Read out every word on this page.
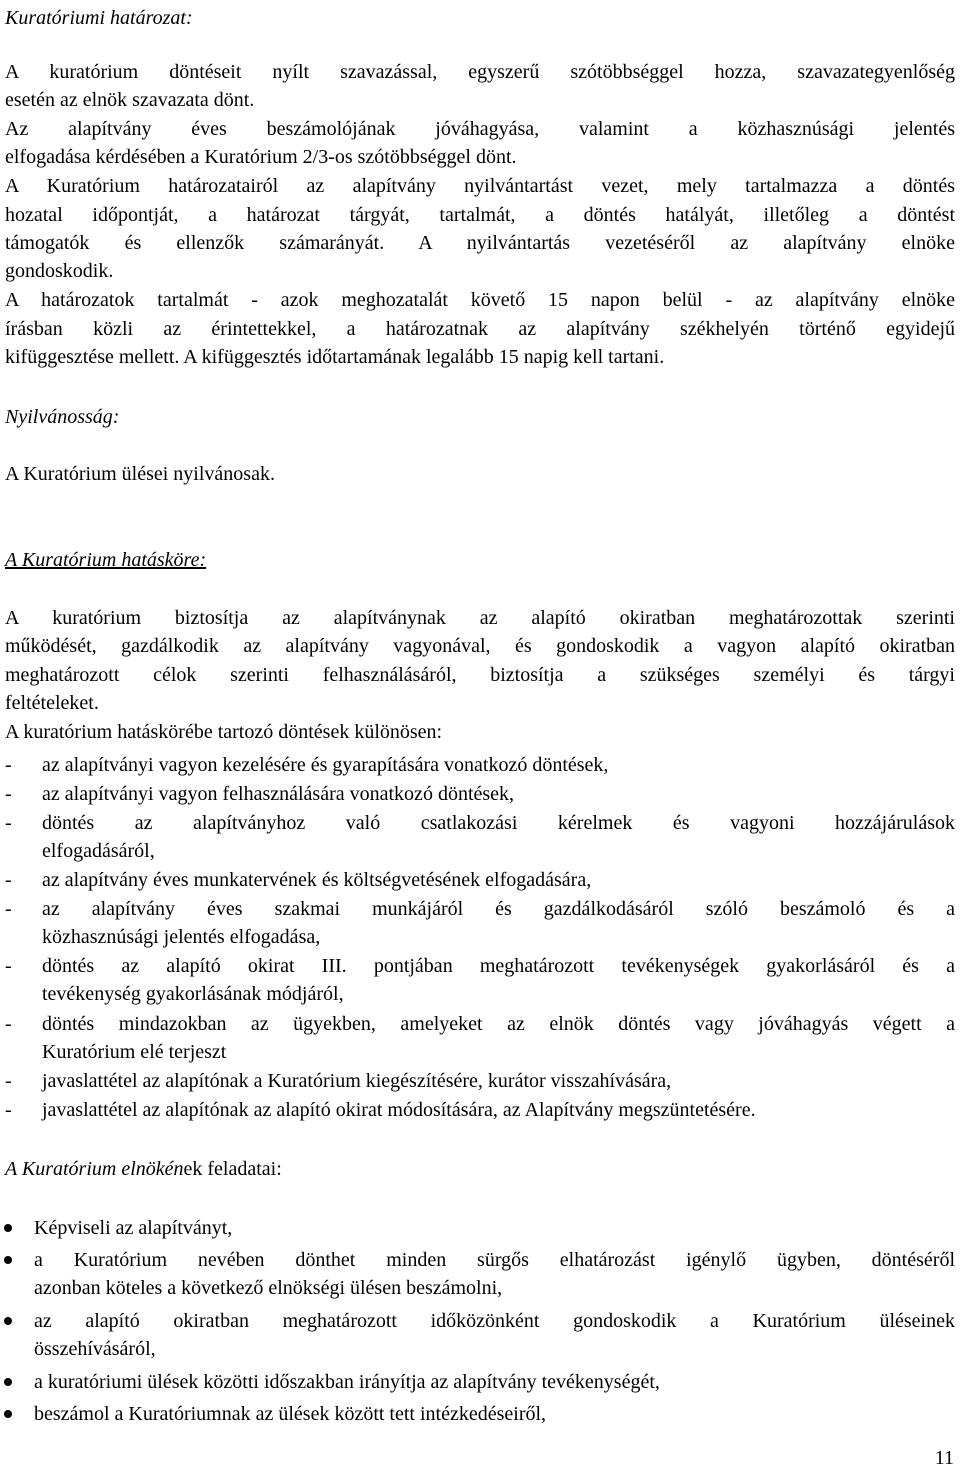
Kuratóriumi határozat:
A kuratórium döntéseit nyílt szavazással, egyszerű szótöbbséggel hozza, szavazategyenlőség
esetén az elnök szavazata dönt.
Az alapítvány éves beszámolójának jóváhagyása, valamint a közhasznúsági jelentés
elfogadása kérdésében a Kuratórium 2/3-os szótöbbséggel dönt.
A Kuratórium határozatairól az alapítvány nyilvántartást vezet, mely tartalmazza a döntés
hozatal időpontját, a határozat tárgyát, tartalmát, a döntés hatályát, illetőleg a döntést
támogatók és ellenzők számarányát. A nyilvántartás vezetéséről az alapítvány elnöke
gondoskodik.
A határozatok tartalmát - azok meghozatalát követő 15 napon belül - az alapítvány elnöke
írásban közli az érintettekkel, a határozatnak az alapítvány székhelyén történő egyidejű
kifüggesztése mellett. A kifüggesztés időtartamának legalább 15 napig kell tartani.
Nyilvánosság:
A Kuratórium ülései nyilvánosak.
A Kuratórium hatásköre:
A kuratórium biztosítja az alapítványnak az alapító okiratban meghatározottak szerinti
működését, gazdálkodik az alapítvány vagyonával, és gondoskodik a vagyon alapító okiratban
meghatározott célok szerinti felhasználásáról, biztosítja a szükséges személyi és tárgyi
feltételeket.
A kuratórium hatáskörébe tartozó döntések különösen:
- az alapítványi vagyon kezelésére és gyarapítására vonatkozó döntések,
- az alapítványi vagyon felhasználására vonatkozó döntések,
- döntés az alapítványhoz való csatlakozási kérelmek és vagyoni hozzájárulások
elfogadásáról,
- az alapítvány éves munkatervének és költségvetésének elfogadására,
- az alapítvány éves szakmai munkájáról és gazdálkodásáról szóló beszámoló és a
közhasznúsági jelentés elfogadása,
- döntés az alapító okirat III. pontjában meghatározott tevékenységek gyakorlásáról és a
tevékenység gyakorlásának módjáról,
- döntés mindazokban az ügyekben, amelyeket az elnök döntés vagy jóváhagyás végett a
Kuratórium elé terjeszt
- javaslattétel az alapítónak a Kuratórium kiegészítésére, kurátor visszahívására,
- javaslattétel az alapítónak az alapító okirat módosítására, az Alapítvány megszüntetésére.
A Kuratórium elnökének feladatai:
Képviseli az alapítványt,
a Kuratórium nevében dönthet minden sürgős elhatározást igénylő ügyben, döntéséről
azonban köteles a következő elnökségi ülésen beszámolni,
az alapító okiratban meghatározott időközönként gondoskodik a Kuratórium üléseinek
összehívásáról,
a kuratóriumi ülések közötti időszakban irányítja az alapítvány tevékenységét,
beszámol a Kuratóriumnak az ülések között tett intézkedéseiről,
11
